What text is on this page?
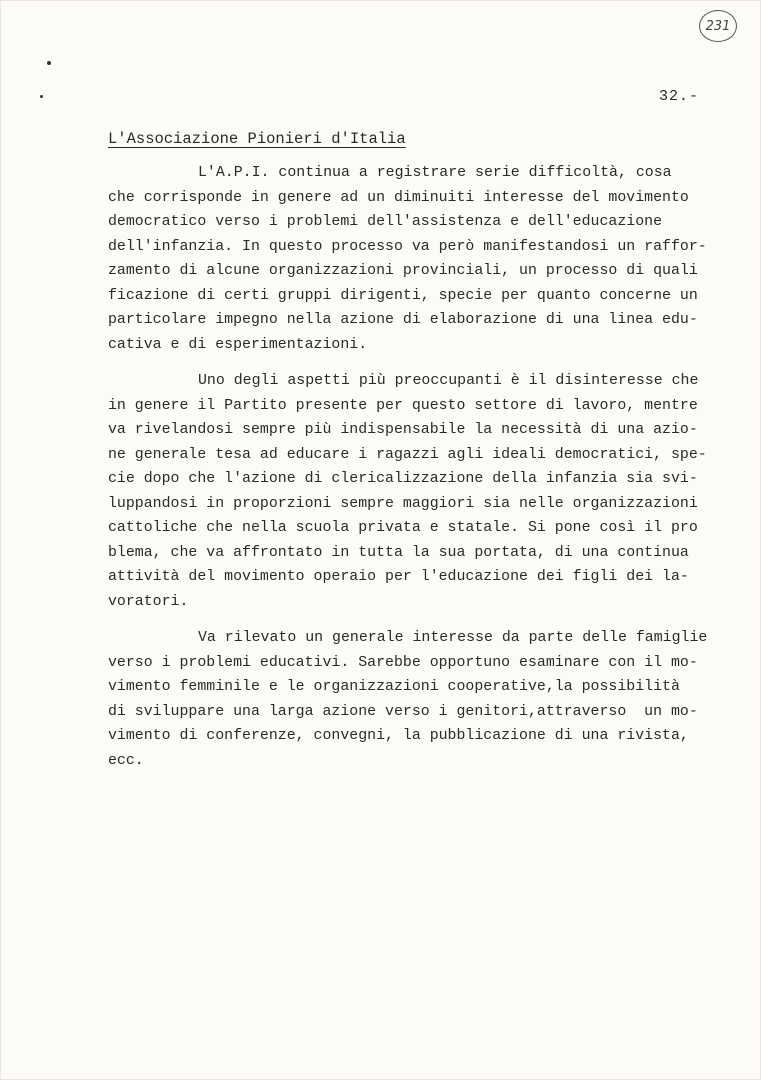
231
32.-
L'Associazione Pionieri d'Italia
L'A.P.I. continua a registrare serie difficoltà, cosa
che corrisponde in genere ad un diminuiti interesse del movimento
democratico verso i problemi dell'assistenza e dell'educazione
dell'infanzia. In questo processo va però manifestandosi un raffor-
zamento di alcune organizzazioni provinciali, un processo di quali
ficazione di certi gruppi dirigenti, specie per quanto concerne un
particolare impegno nella azione di elaborazione di una linea edu-
cativa e di esperimentazioni.
Uno degli aspetti più preoccupanti è il disinteresse che
in genere il Partito presente per questo settore di lavoro, mentre
va rivelandosi sempre più indispensabile la necessità di una azio-
ne generale tesa ad educare i ragazzi agli ideali democratici, spe-
cie dopo che l'azione di clericalizzazione della infanzia sia svi-
luppandosi in proporzioni sempre maggiori sia nelle organizzazioni
cattoliche che nella scuola privata e statale. Si pone così il pro
blema, che va affrontato in tutta la sua portata, di una continua
attività del movimento operaio per l'educazione dei figli dei la-
voratori.
Va rilevato un generale interesse da parte delle famiglie
verso i problemi educativi. Sarebbe opportuno esaminare con il mo-
vimento femminile e le organizzazioni cooperative,la possibilità
di sviluppare una larga azione verso i genitori,attraverso  un mo-
vimento di conferenze, convegni, la pubblicazione di una rivista,
ecc.
